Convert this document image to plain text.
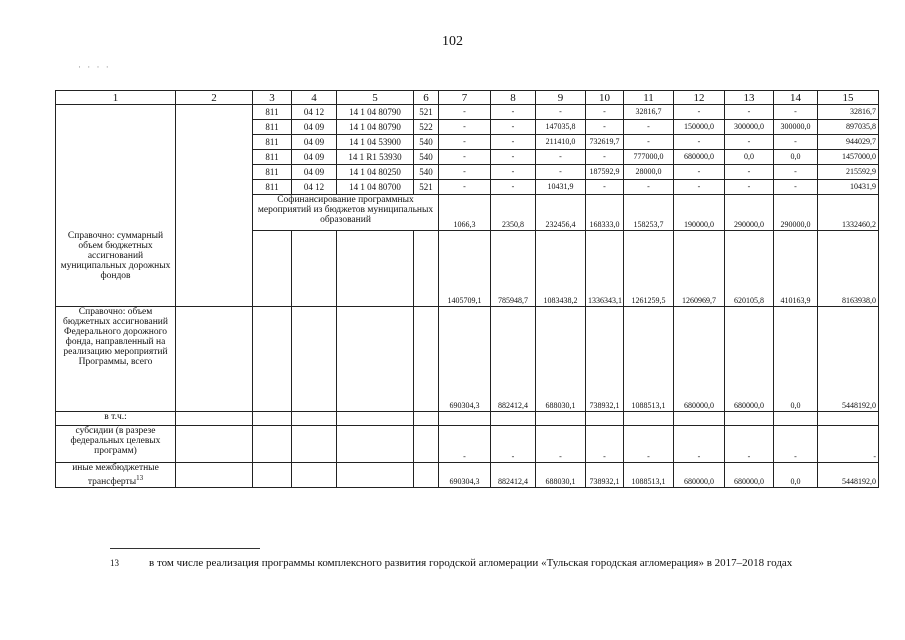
102
· · · ·
1	2	3	4	5	6	7	8	9	10	11	12	13	14	15
		811	04 12	14 1 04 80790	521	-	-	-	-	32816,7	-	-	-	32816,7
		811	04 09	14 1 04 80790	522	-	-	147035,8	-	-	150000,0	300000,0	300000,0	897035,8
		811	04 09	14 1 04 53900	540	-	-	211410,0	732619,7	-	-	-	-	944029,7
		811	04 09	14 1 R1 53930	540	-	-	-	-	777000,0	680000,0	0,0	0,0	1457000,0
		811	04 09	14 1 04 80250	540	-	-	-	187592,9	28000,0	-	-	-	215592,9
		811	04 12	14 1 04 80700	521	-	-	10431,9	-	-	-	-	-	10431,9
		Софинансирование программных мероприятий из бюджетов муниципальных образований				1066,3	2350,8	232456,4	168333,0	158253,7	190000,0	290000,0	290000,0	1332460,2
Справочно: суммарный объем бюджетных ассигнований муниципальных дорожных фондов						1405709,1	785948,7	1083438,2	1336343,1	1261259,5	1260969,7	620105,8	410163,9	8163938,0
Справочно: объем бюджетных ассигнований Федерального дорожного фонда, направленный на реализацию мероприятий Программы, всего						690304,3	882412,4	688030,1	738932,1	1088513,1	680000,0	680000,0	0,0	5448192,0
в т.ч.:														
субсидии (в разрезе федеральных целевых программ)						-	-	-	-	-	-	-	-	-
иные межбюджетные трансферты$^{13}$						690304,3	882412,4	688030,1	738932,1	1088513,1	680000,0	680000,0	0,0	5448192,0
$^{13}$	в том числе реализация программы комплексного развития городской агломерации «Тульская городская агломерация» в 2017–2018 годах
